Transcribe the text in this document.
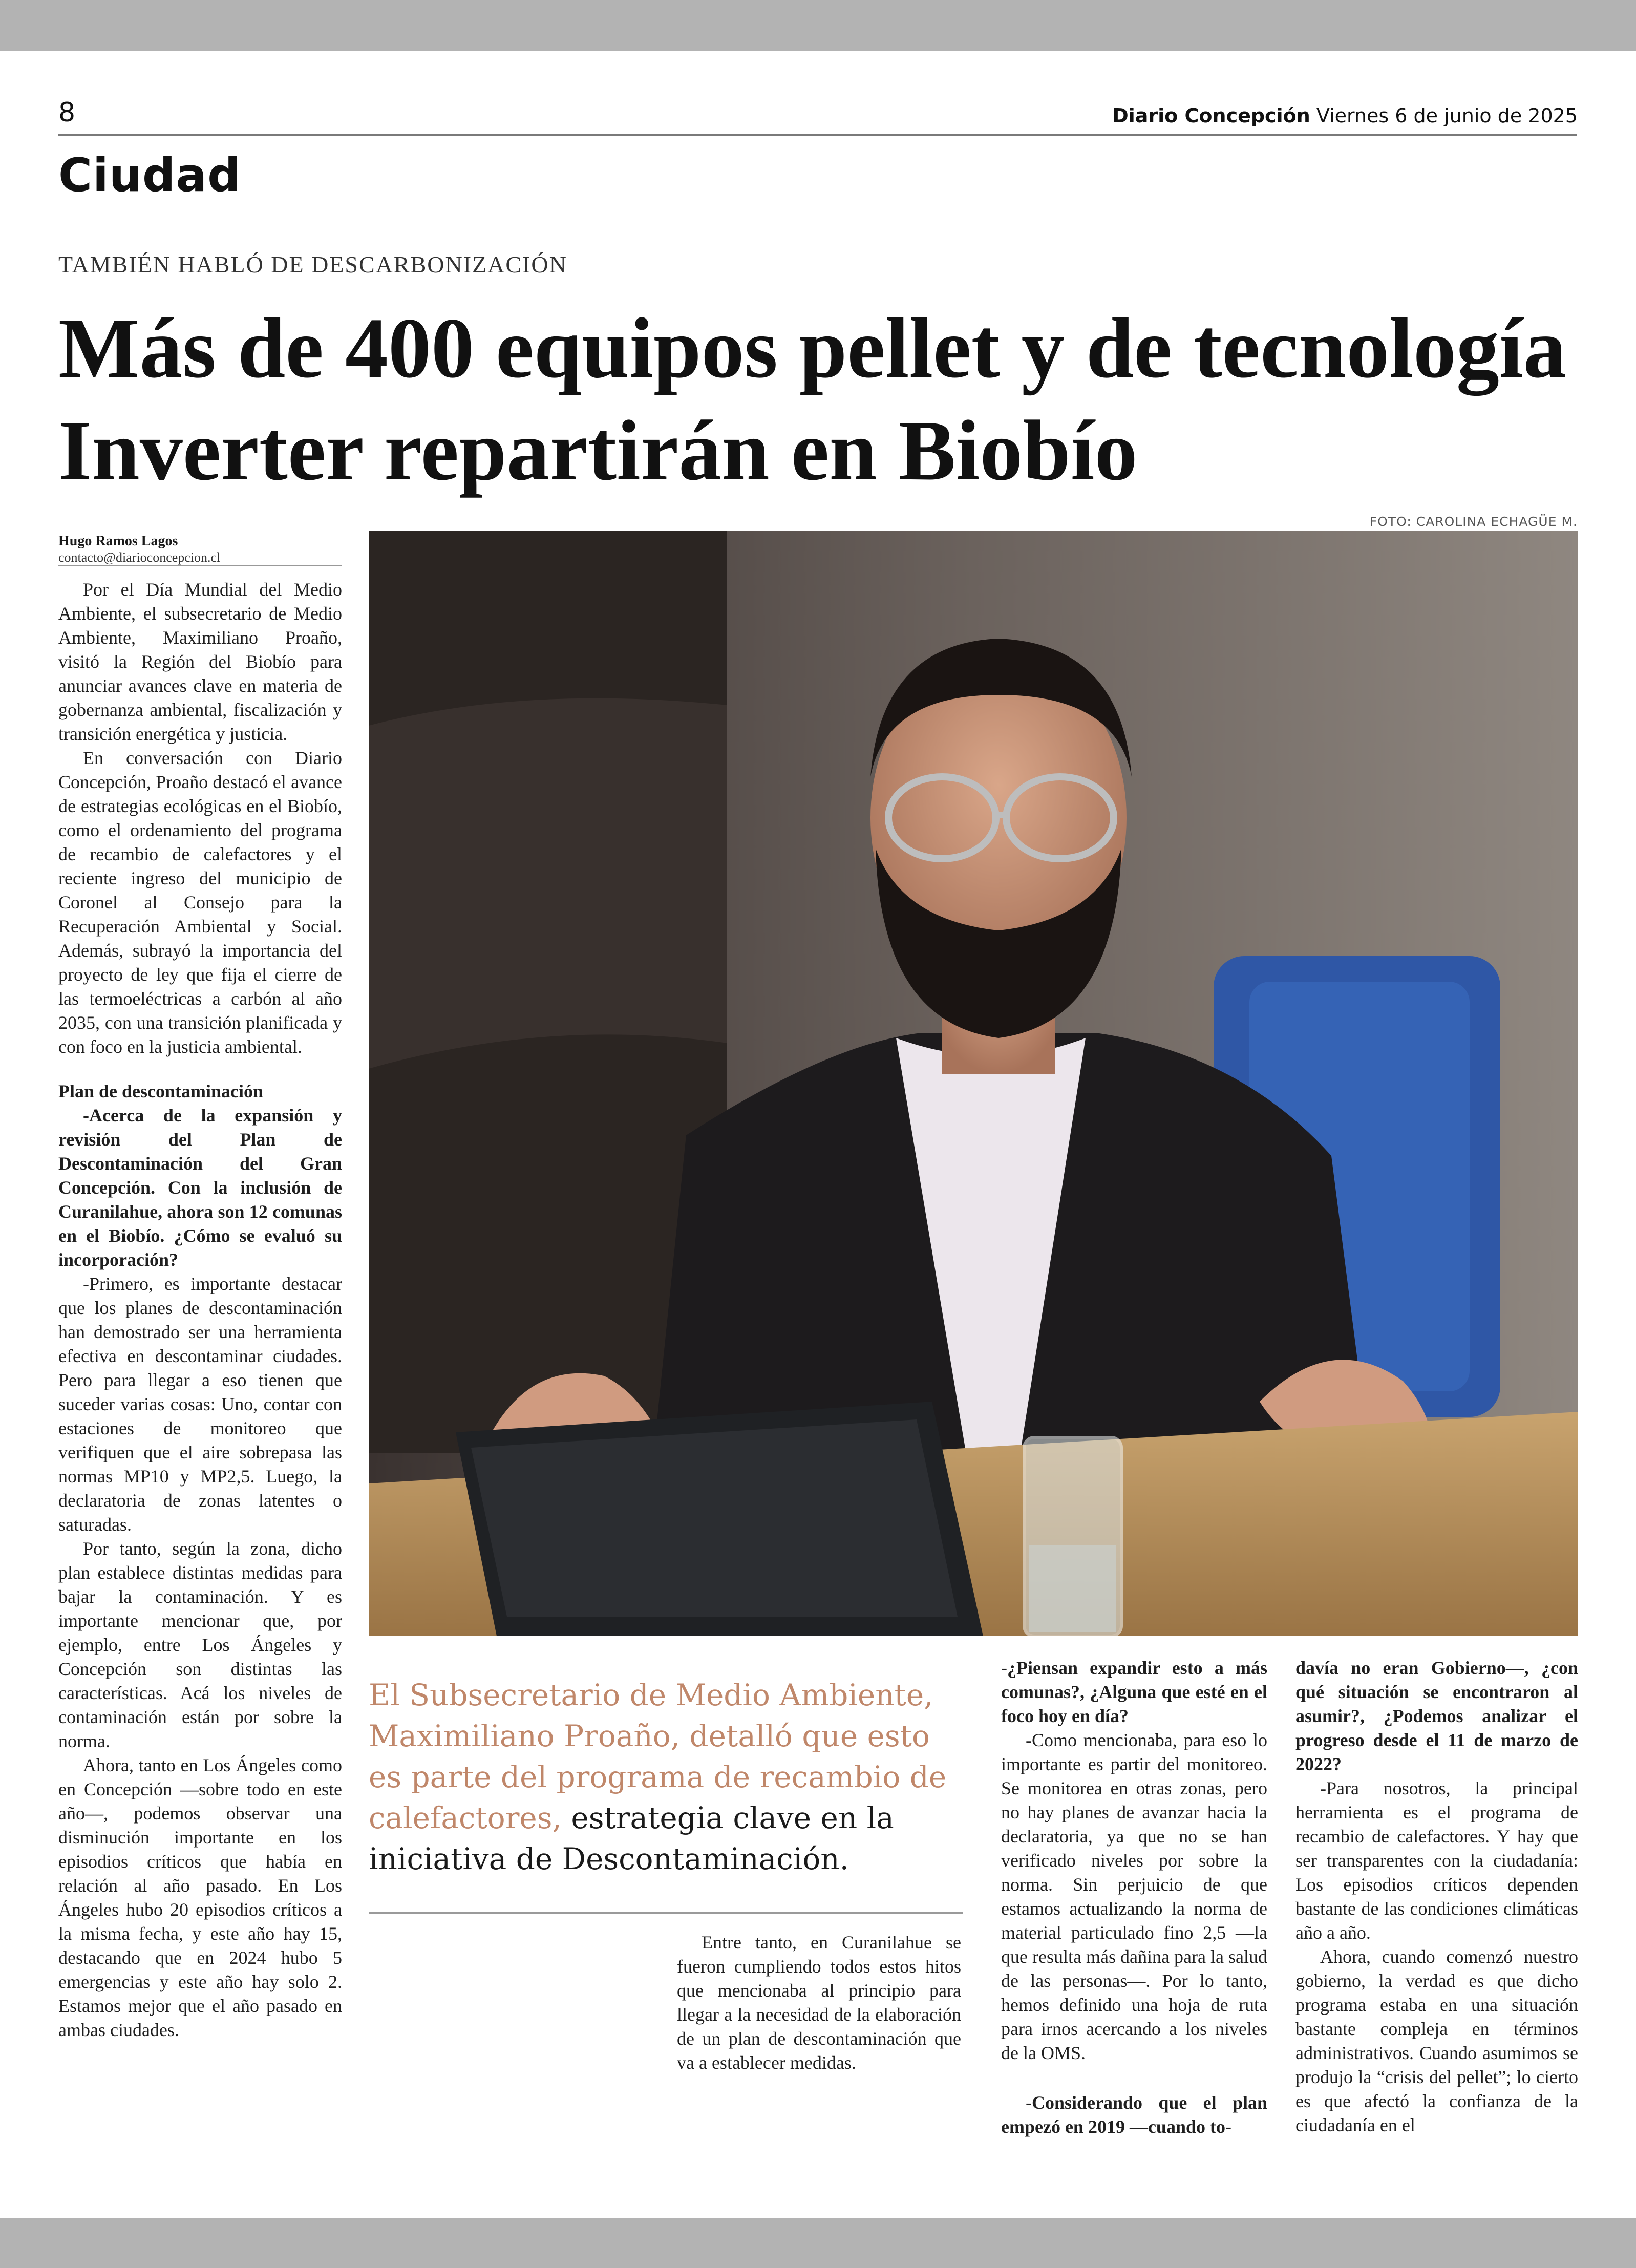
8	Diario Concepción Viernes 6 de junio de 2025
Ciudad
TAMBIÉN HABLÓ DE DESCARBONIZACIÓN
Más de 400 equipos pellet y de tecnología Inverter repartirán en Biobío
Hugo Ramos Lagos
contacto@diarioconcepcion.cl
FOTO: CAROLINA ECHAGÜE M.

Por el Día Mundial del Medio Ambiente, el subsecretario de Medio Ambiente, Maximiliano Proaño, visitó la Región del Biobío para anunciar avances clave en materia de gobernanza ambiental, fiscalización y transición energética y justicia.

En conversación con Diario Concepción, Proaño destacó el avance de estrategias ecológicas en el Biobío, como el ordenamiento del programa de recambio de calefactores y el reciente ingreso del municipio de Coronel al Consejo para la Recuperación Ambiental y Social. Además, subrayó la importancia del proyecto de ley que fija el cierre de las termoeléctricas a carbón al año 2035, con una transición planificada y con foco en la justicia ambiental.

Plan de descontaminación

-Acerca de la expansión y revisión del Plan de Descontaminación del Gran Concepción. Con la inclusión de Curanilahue, ahora son 12 comunas en el Biobío. ¿Cómo se evaluó su incorporación?

-Primero, es importante destacar que los planes de descontaminación han demostrado ser una herramienta efectiva en descontaminar ciudades. Pero para llegar a eso tienen que suceder varias cosas: Uno, contar con estaciones de monitoreo que verifiquen que el aire sobrepasa las normas MP10 y MP2,5. Luego, la declaratoria de zonas latentes o saturadas.

Por tanto, según la zona, dicho plan establece distintas medidas para bajar la contaminación. Y es importante mencionar que, por ejemplo, entre Los Ángeles y Concepción son distintas las características. Acá los niveles de contaminación están por sobre la norma.

Ahora, tanto en Los Ángeles como en Concepción —sobre todo en este año—, podemos observar una disminución importante en los episodios críticos que había en relación al año pasado. En Los Ángeles hubo 20 episodios críticos a la misma fecha, y este año hay 15, destacando que en 2024 hubo 5 emergencias y este año hay solo 2. Estamos mejor que el año pasado en ambas ciudades.

El Subsecretario de Medio Ambiente, Maximiliano Proaño, detalló que esto es parte del programa de recambio de calefactores, estrategia clave en la iniciativa de Descontaminación.

Entre tanto, en Curanilahue se fueron cumpliendo todos estos hitos que mencionaba al principio para llegar a la necesidad de la elaboración de un plan de descontaminación que va a establecer medidas.

-¿Piensan expandir esto a más comunas?, ¿Alguna que esté en el foco hoy en día?

-Como mencionaba, para eso lo importante es partir del monitoreo. Se monitorea en otras zonas, pero no hay planes de avanzar hacia la declaratoria, ya que no se han verificado niveles por sobre la norma. Sin perjuicio de que estamos actualizando la norma de material particulado fino 2,5 —la que resulta más dañina para la salud de las personas—. Por lo tanto, hemos definido una hoja de ruta para irnos acercando a los niveles de la OMS.

-Considerando que el plan empezó en 2019 —cuando to-

davía no eran Gobierno—, ¿con qué situación se encontraron al asumir?, ¿Podemos analizar el progreso desde el 11 de marzo de 2022?

-Para nosotros, la principal herramienta es el programa de recambio de calefactores. Y hay que ser transparentes con la ciudadanía: Los episodios críticos dependen bastante de las condiciones climáticas año a año.

Ahora, cuando comenzó nuestro gobierno, la verdad es que dicho programa estaba en una situación bastante compleja en términos administrativos. Cuando asumimos se produjo la “crisis del pellet”; lo cierto es que afectó la confianza de la ciudadanía en el
